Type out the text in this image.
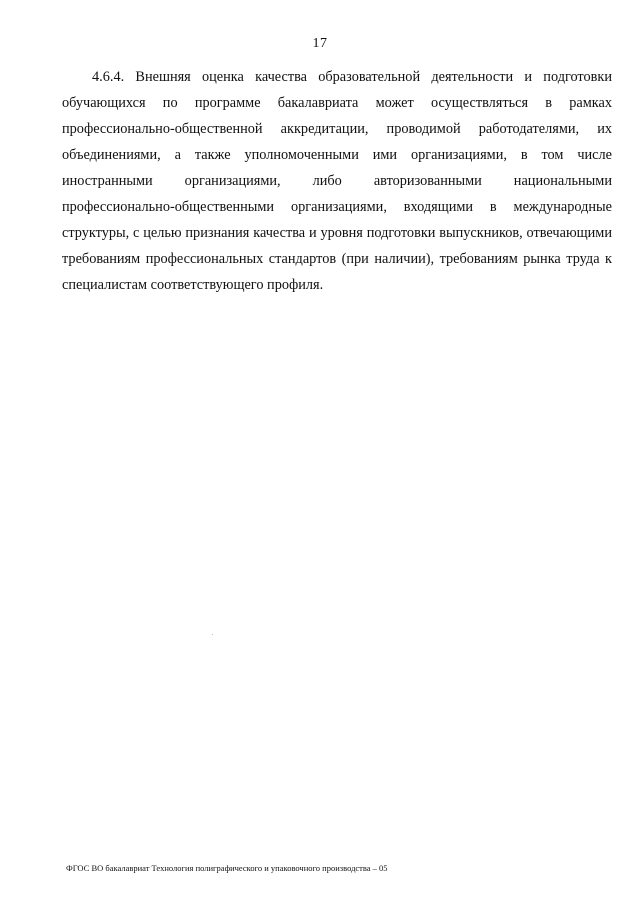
17

4.6.4. Внешняя оценка качества образовательной деятельности и подготовки обучающихся по программе бакалавриата может осуществляться в рамках профессионально-общественной аккредитации, проводимой работодателями, их объединениями, а также уполномоченными ими организациями, в том числе иностранными организациями, либо авторизованными национальными профессионально-общественными организациями, входящими в международные структуры, с целью признания качества и уровня подготовки выпускников, отвечающими требованиям профессиональных стандартов (при наличии), требованиям рынка труда к специалистам соответствующего профиля.

ФГОС ВО бакалавриат Технология полиграфического и упаковочного производства – 05
